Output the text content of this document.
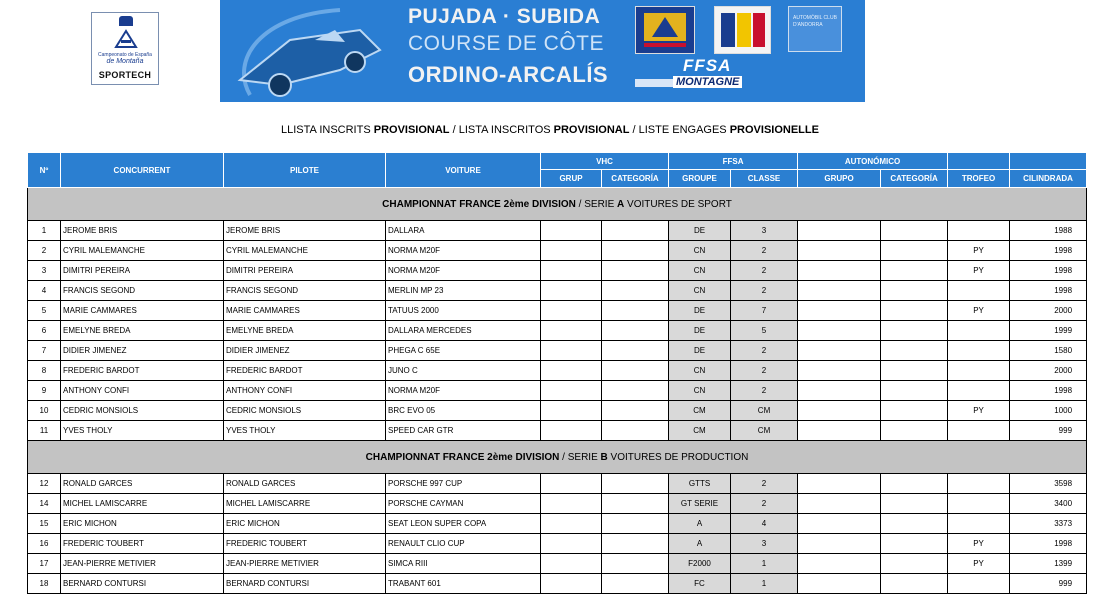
Campeonato de España
de Montaña
SPORTECH
PUJADA · SUBIDA
COURSE DE CÔTE
ORDINO-ARCALÍS
AUTOMÒBIL CLUB D'ANDORRA
FFSA
MONTAGNE
LLISTA INSCRITS PROVISIONAL / LISTA INSCRITOS PROVISIONAL / LISTE ENGAGES PROVISIONELLE
Nº	CONCURRENT	PILOTE	VOITURE	VHC		FFSA		AUTONÓMICO			
				GRUP	CATEGORÍA	GROUPE	CLASSE	GRUPO	CATEGORÍA	TROFEO	CILINDRADA
CHAMPIONNAT FRANCE 2ème DIVISION / SERIE A VOITURES DE SPORT											
1	JEROME BRIS	JEROME BRIS	DALLARA			DE	3				1988
2	CYRIL MALEMANCHE	CYRIL MALEMANCHE	NORMA M20F			CN	2			PY	1998
3	DIMITRI PEREIRA	DIMITRI PEREIRA	NORMA M20F			CN	2			PY	1998
4	FRANCIS SEGOND	FRANCIS SEGOND	MERLIN MP 23			CN	2				1998
5	MARIE CAMMARES	MARIE CAMMARES	TATUUS 2000			DE	7			PY	2000
6	EMELYNE BREDA	EMELYNE BREDA	DALLARA MERCEDES			DE	5				1999
7	DIDIER JIMENEZ	DIDIER JIMENEZ	PHEGA C 65E			DE	2				1580
8	FREDERIC BARDOT	FREDERIC BARDOT	JUNO C			CN	2				2000
9	ANTHONY CONFI	ANTHONY CONFI	NORMA M20F			CN	2				1998
10	CEDRIC MONSIOLS	CEDRIC MONSIOLS	BRC EVO 05			CM	CM			PY	1000
11	YVES THOLY	YVES THOLY	SPEED CAR GTR			CM	CM				999
CHAMPIONNAT FRANCE 2ème DIVISION / SERIE B VOITURES DE PRODUCTION											
12	RONALD GARCES	RONALD GARCES	PORSCHE 997 CUP			GTTS	2				3598
14	MICHEL LAMISCARRE	MICHEL LAMISCARRE	PORSCHE CAYMAN			GT SERIE	2				3400
15	ERIC MICHON	ERIC MICHON	SEAT LEON SUPER COPA			A	4				3373
16	FREDERIC TOUBERT	FREDERIC TOUBERT	RENAULT CLIO CUP			A	3			PY	1998
17	JEAN-PIERRE METIVIER	JEAN-PIERRE METIVIER	SIMCA RIII			F2000	1			PY	1399
18	BERNARD CONTURSI	BERNARD CONTURSI	TRABANT 601			FC	1				999
